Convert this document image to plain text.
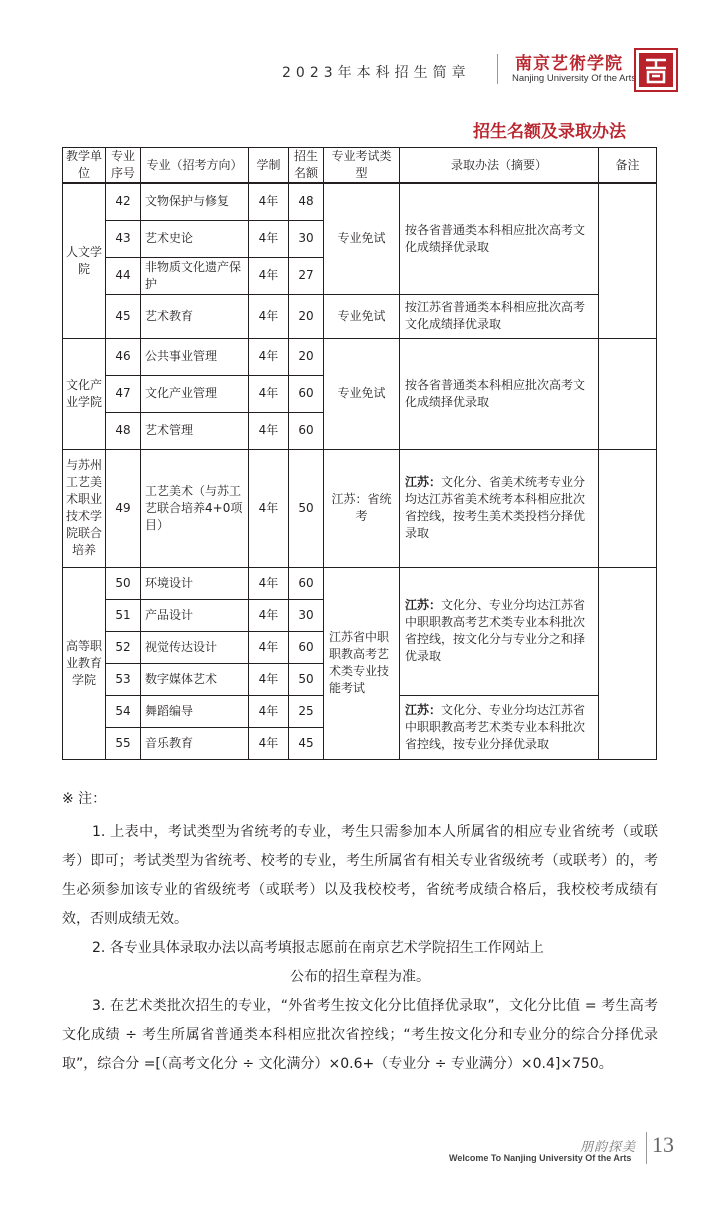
2023年本科招生简章	南京艺術学院
Nanjing University Of the Arts
招生名额及录取办法
教学单位	专业序号	专业（招考方向）	学制	招生名额	专业考试类型	录取办法（摘要）	备注
人文学院	42	文物保护与修复	4年	48	专业免试	按各省普通类本科相应批次高考文化成绩择优录取	
	43	艺术史论	4年	30			
	44	非物质文化遗产保护	4年	27			
	45	艺术教育	4年	20	专业免试	按江苏省普通类本科相应批次高考文化成绩择优录取	
文化产业学院	46	公共事业管理	4年	20	专业免试	按各省普通类本科相应批次高考文化成绩择优录取	
	47	文化产业管理	4年	60			
	48	艺术管理	4年	60			
与苏州工艺美术职业技术学院联合培养	49	工艺美术（与苏工艺联合培养4+0项目）	4年	50	江苏：省统考	江苏：文化分、省美术统考专业分均达江苏省美术统考本科相应批次省控线，按考生美术类投档分择优录取	
高等职业教育学院	50	环境设计	4年	60	江苏省中职职教高考艺术类专业技能考试	江苏：文化分、专业分均达江苏省中职职教高考艺术类专业本科批次省控线，按文化分与专业分之和择优录取	
	51	产品设计	4年	30			
	52	视觉传达设计	4年	60			
	53	数字媒体艺术	4年	50			
	54	舞蹈编导	4年	25		江苏：文化分、专业分均达江苏省中职职教高考艺术类专业本科批次省控线，按专业分择优录取	
	55	音乐教育	4年	45			
※ 注：

1. 上表中，考试类型为省统考的专业，考生只需参加本人所属省的相应专业省统考（或联考）即可；考试类型为省统考、校考的专业，考生所属省有相关专业省级统考（或联考）的，考生必须参加该专业的省级统考（或联考）以及我校校考，省统考成绩合格后，我校校考成绩有效，否则成绩无效。

2. 各专业具体录取办法以高考填报志愿前在南京艺术学院招生工作网站上

公布的招生章程为准。

3. 在艺术类批次招生的专业，“外省考生按文化分比值择优录取”，文化分比值 = 考生高考文化成绩 ÷ 考生所属省普通类本科相应批次省控线；“考生按文化分和专业分的综合分择优录取”，综合分 =[（高考文化分 ÷ 文化满分）×0.6+（专业分 ÷ 专业满分）×0.4]×750。

朋韵探美
Welcome To Nanjing University Of the Arts
13
